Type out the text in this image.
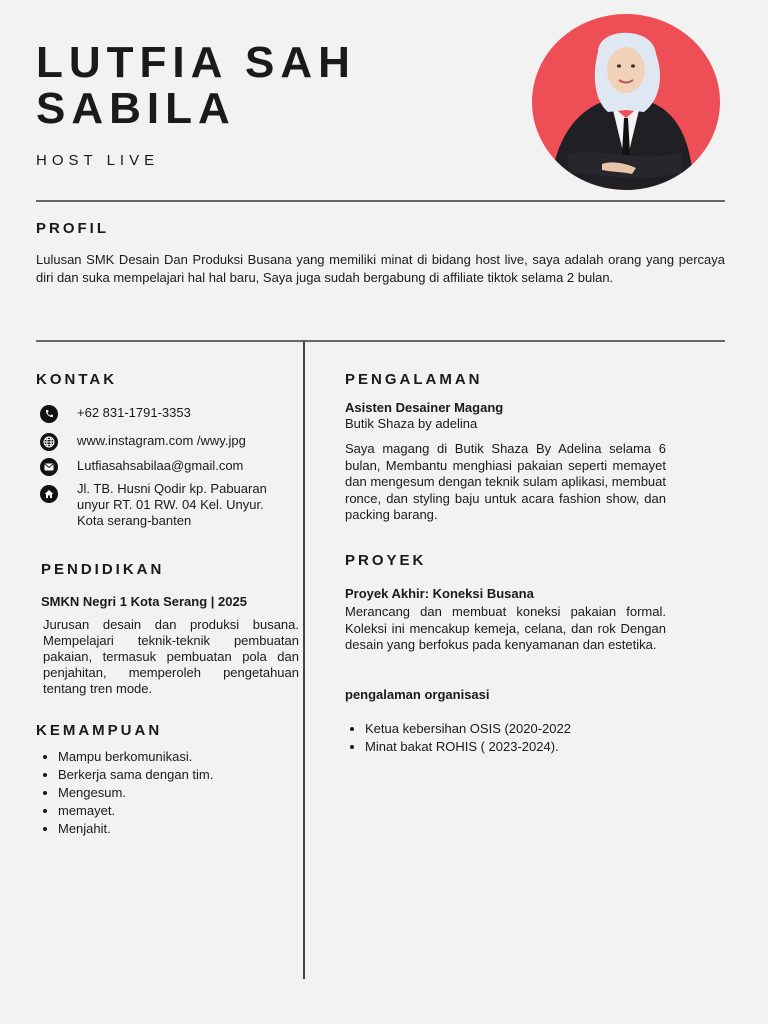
LUTFIA SAH
SABILA
HOST LIVE
PROFIL
Lulusan SMK Desain Dan Produksi Busana yang memiliki minat di bidang host live, saya adalah orang yang percaya diri dan suka mempelajari hal hal baru, Saya juga sudah bergabung di affiliate tiktok selama 2 bulan.
KONTAK
+62 831-1791-3353
www.instagram.com /wwy.jpg
Lutfiasahsabilaa@gmail.com
Jl. TB. Husni Qodir kp. Pabuaran unyur RT. 01 RW. 04 Kel. Unyur. Kota serang-banten
PENDIDIKAN
SMKN Negri 1 Kota Serang | 2025
Jurusan desain dan produksi busana. Mempelajari teknik-teknik pembuatan pakaian, termasuk pembuatan pola dan penjahitan, memperoleh pengetahuan tentang tren mode.
KEMAMPUAN
• Mampu berkomunikasi.
• Berkerja sama dengan tim.
• Mengesum.
• memayet.
• Menjahit.
PENGALAMAN
Asisten Desainer Magang
Butik Shaza by adelina
Saya magang di Butik Shaza By Adelina selama 6 bulan, Membantu menghiasi pakaian seperti memayet dan mengesum dengan teknik sulam aplikasi, membuat ronce, dan styling baju untuk acara fashion show, dan packing barang.
PROYEK
Proyek Akhir: Koneksi Busana
Merancang dan membuat koneksi pakaian formal. Koleksi ini mencakup kemeja, celana, dan rok Dengan desain yang berfokus pada kenyamanan dan estetika.
pengalaman organisasi
• Ketua kebersihan OSIS (2020-2022
• Minat bakat ROHIS ( 2023-2024).
